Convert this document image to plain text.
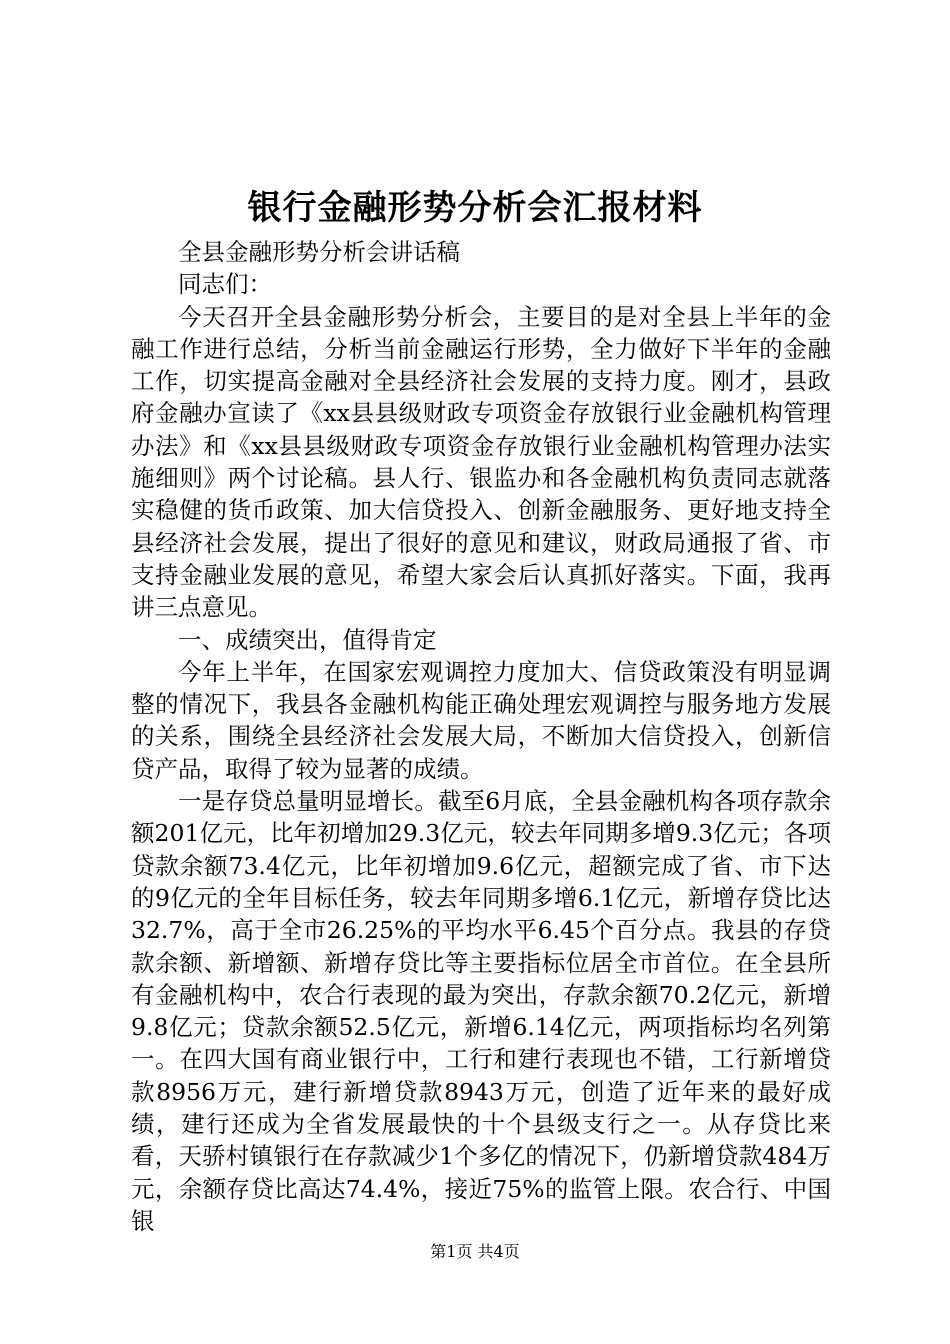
银行金融形势分析会汇报材料

全县金融形势分析会讲话稿

同志们：

今天召开全县金融形势分析会，主要目的是对全县上半年的金融工作进行总结，分析当前金融运行形势，全力做好下半年的金融工作，切实提高金融对全县经济社会发展的支持力度。刚才，县政府金融办宣读了《xx县县级财政专项资金存放银行业金融机构管理办法》和《xx县县级财政专项资金存放银行业金融机构管理办法实施细则》两个讨论稿。县人行、银监办和各金融机构负责同志就落实稳健的货币政策、加大信贷投入、创新金融服务、更好地支持全县经济社会发展，提出了很好的意见和建议，财政局通报了省、市支持金融业发展的意见，希望大家会后认真抓好落实。下面，我再讲三点意见。

一、成绩突出，值得肯定

今年上半年，在国家宏观调控力度加大、信贷政策没有明显调整的情况下，我县各金融机构能正确处理宏观调控与服务地方发展的关系，围绕全县经济社会发展大局，不断加大信贷投入，创新信贷产品，取得了较为显著的成绩。

一是存贷总量明显增长。截至6月底，全县金融机构各项存款余额201亿元，比年初增加29.3亿元，较去年同期多增9.3亿元；各项贷款余额73.4亿元，比年初增加9.6亿元，超额完成了省、市下达的9亿元的全年目标任务，较去年同期多增6.1亿元，新增存贷比达32.7%，高于全市26.25%的平均水平6.45个百分点。我县的存贷款余额、新增额、新增存贷比等主要指标位居全市首位。在全县所有金融机构中，农合行表现的最为突出，存款余额70.2亿元，新增9.8亿元；贷款余额52.5亿元，新增6.14亿元，两项指标均名列第一。在四大国有商业银行中，工行和建行表现也不错，工行新增贷款8956万元，建行新增贷款8943万元，创造了近年来的最好成绩，建行还成为全省发展最快的十个县级支行之一。从存贷比来看，天骄村镇银行在存款减少1个多亿的情况下，仍新增贷款484万元，余额存贷比高达74.4%，接近75%的监管上限。农合行、中国银

第1页 共4页
